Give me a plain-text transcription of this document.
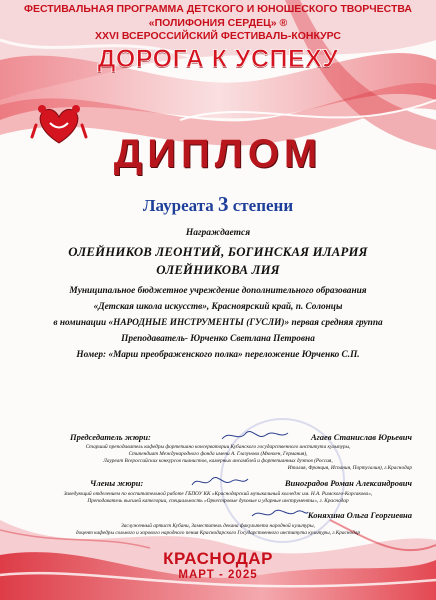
ФЕСТИВАЛЬНАЯ ПРОГРАММА ДЕТСКОГО И ЮНОШЕСКОГО ТВОРЧЕСТВА
«ПОЛИФОНИЯ СЕРДЕЦ» ®
XXVI ВСЕРОССИЙСКИЙ ФЕСТИВАЛЬ-КОНКУРС
ДОРОГА К УСПЕХУ
ДИПЛОМ
Лауреата 3 степени
Награждается
ОЛЕЙНИКОВ ЛЕОНТИЙ, БОГИНСКАЯ ИЛАРИЯ
ОЛЕЙНИКОВА ЛИЯ
Муниципальное бюджетное учреждение дополнительного образования
«Детская школа искусств», Красноярский край, п. Солонцы
в номинации «НАРОДНЫЕ ИНСТРУМЕНТЫ (ГУСЛИ)» первая средняя группа
Преподаватель- Юрченко Светлана Петровна
Номер: «Марш преображенского полка» переложение Юрченко С.П.
Председатель жюри:	Агаев Станислав Юрьевич
Старший преподаватель кафедры фортепиано консерватории Кубанского государственного института культуры,
Стипендиат Международного фонда имени А. Глазунова (Мюнхен, Германия),
Лауреат Всероссийских конкурсов пианистов, камерных ансамблей и фортепианных дуэтов (Россия,
Италия, Франция, Испания, Португалия), г.Краснодар
Члены жюри:	Виноградов Роман Александрович
Заведующий отделением по воспитательной работе ГБПОУ КК «Краснодарский музыкальный колледж им. Н.А. Римского-Корсакова»,
Преподаватель высшей категории, специальность «Оркестровые духовые и ударные инструменты», г. Краснодар
Коняхина Ольга Георгиевна
Заслуженный артист Кубани, Заместитель декана факультета народной культуры,
доцент кафедры сольного и хорового народного пения Краснодарского Государственного института культуры, г.Краснодар
КРАСНОДАР
МАРТ - 2025
